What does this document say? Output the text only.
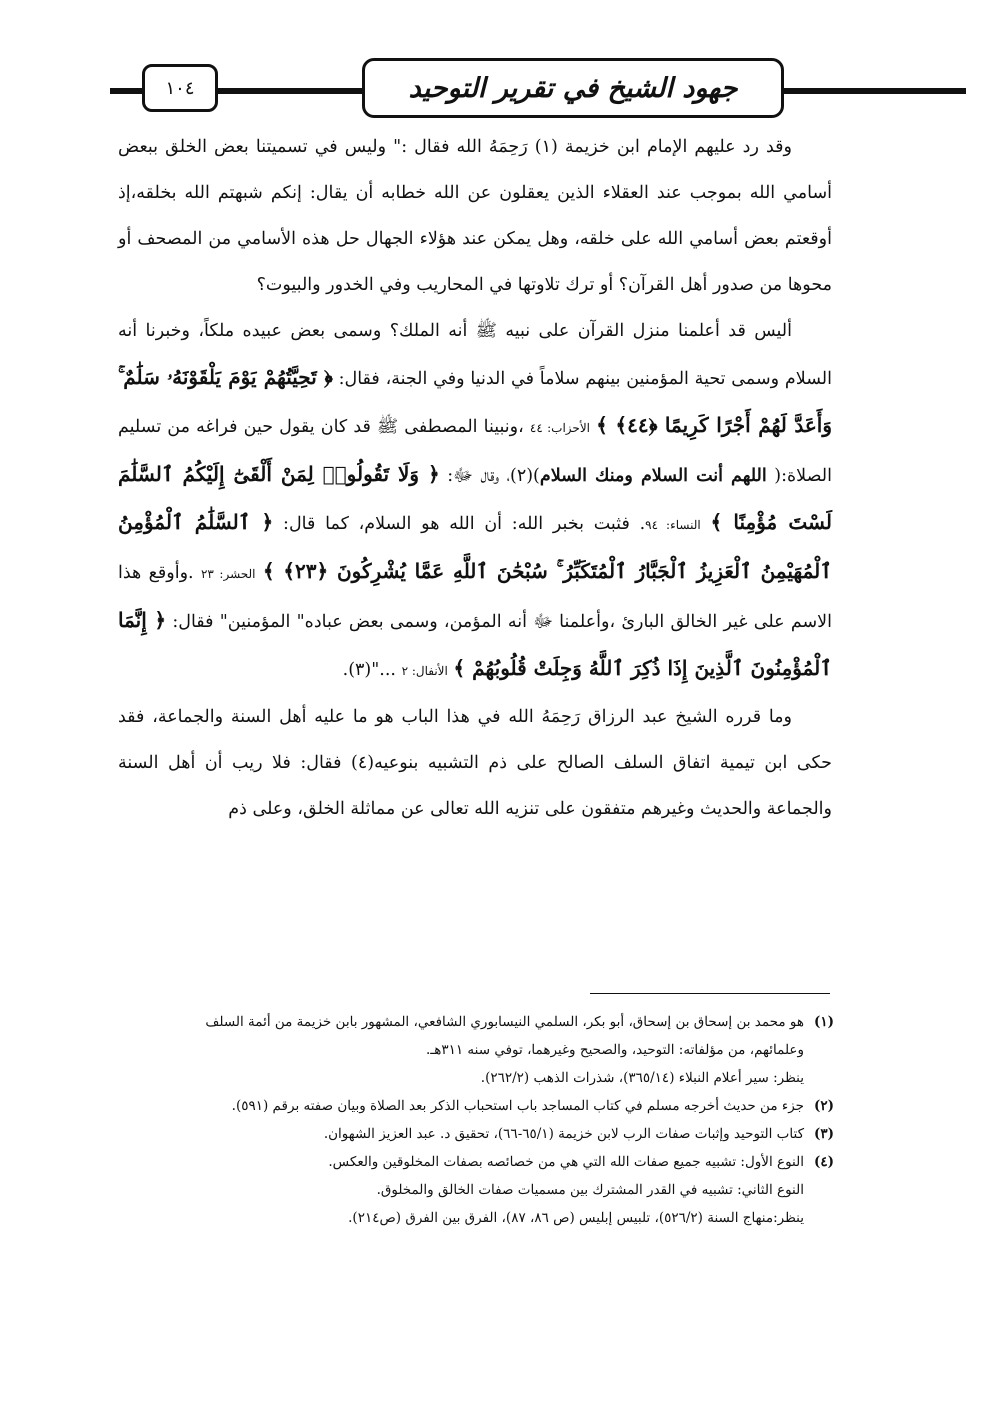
١٠٤	جهود الشيخ في تقرير التوحيد

وقد رد عليهم الإمام ابن خزيمة (١) رَحِمَهُ الله فقال :" وليس في تسميتنا بعض الخلق ببعض أسامي الله بموجب عند العقلاء الذين يعقلون عن الله خطابه أن يقال: إنكم شبهتم الله بخلقه،إذ أوقعتم بعض أسامي الله على خلقه، وهل يمكن عند هؤلاء الجهال حل هذه الأسامي من المصحف أو محوها من صدور أهل القرآن؟ أو ترك تلاوتها في المحاريب وفي الخدور والبيوت؟

أليس قد أعلمنا منزل القرآن على نبيه ﷺ أنه الملك؟ وسمى بعض عبيده ملكاً، وخبرنا أنه السلام وسمى تحية المؤمنين بينهم سلاماً في الدنيا وفي الجنة، فقال: ﴿ تَحِيَّتُهُمْ يَوْمَ يَلْقَوْنَهُۥ سَلَٰمٌ ۚ وَأَعَدَّ لَهُمْ أَجْرًا كَرِيمًا ﴿٤٤﴾ ﴾ الأحزاب: ٤٤ ،ونبينا المصطفى ﷺ قد كان يقول حين فراغه من تسليم الصلاة:( اللهم أنت السلام ومنك السلام)(٢)، وقال ﷻ: ﴿ وَلَا تَقُولُوا۟ لِمَنْ أَلْقَىٰٓ إِلَيْكُمُ ٱلسَّلَٰمَ لَسْتَ مُؤْمِنًا ﴾ النساء: ٩٤. فثبت بخبر الله: أن الله هو السلام، كما قال: ﴿ ٱلسَّلَٰمُ ٱلْمُؤْمِنُ ٱلْمُهَيْمِنُ ٱلْعَزِيزُ ٱلْجَبَّارُ ٱلْمُتَكَبِّرُ ۚ سُبْحَٰنَ ٱللَّهِ عَمَّا يُشْرِكُونَ ﴿٢٣﴾ ﴾ الحشر: ٢٣ .وأوقع هذا الاسم على غير الخالق البارئ ،وأعلمنا ﷻ أنه المؤمن، وسمى بعض عباده" المؤمنين" فقال: ﴿ إِنَّمَا ٱلْمُؤْمِنُونَ ٱلَّذِينَ إِذَا ذُكِرَ ٱللَّهُ وَجِلَتْ قُلُوبُهُمْ ﴾ الأنفال: ٢ ..."(٣).

وما قرره الشيخ عبد الرزاق رَحِمَهُ الله في هذا الباب هو ما عليه أهل السنة والجماعة، فقد حكى ابن تيمية اتفاق السلف الصالح على ذم التشبيه بنوعيه(٤) فقال: فلا ريب أن أهل السنة والجماعة والحديث وغيرهم متفقون على تنزيه الله تعالى عن مماثلة الخلق، وعلى ذم

(١)هو محمد بن إسحاق بن إسحاق، أبو بكر، السلمي النيسابوري الشافعي، المشهور بابن خزيمة من أئمة السلف

وعلمائهم، من مؤلفاته: التوحيد، والصحيح وغيرهما، توفي سنه ٣١١هـ.

ينظر: سير أعلام النبلاء (٣٦٥/١٤)، شذرات الذهب (٢٦٢/٢).

(٢)جزء من حديث أخرجه مسلم في كتاب المساجد باب استحباب الذكر بعد الصلاة وبيان صفته برقم (٥٩١).

(٣)كتاب التوحيد وإثبات صفات الرب لابن خزيمة (٦٥/١-٦٦)، تحقيق د. عبد العزيز الشهوان.

(٤)النوع الأول: تشبيه جميع صفات الله التي هي من خصائصه بصفات المخلوقين والعكس.

النوع الثاني: تشبيه في القدر المشترك بين مسميات صفات الخالق والمخلوق.

ينظر:منهاج السنة (٥٢٦/٢)، تلبيس إبليس (ص ٨٦، ٨٧)، الفرق بين الفرق (ص٢١٤).
